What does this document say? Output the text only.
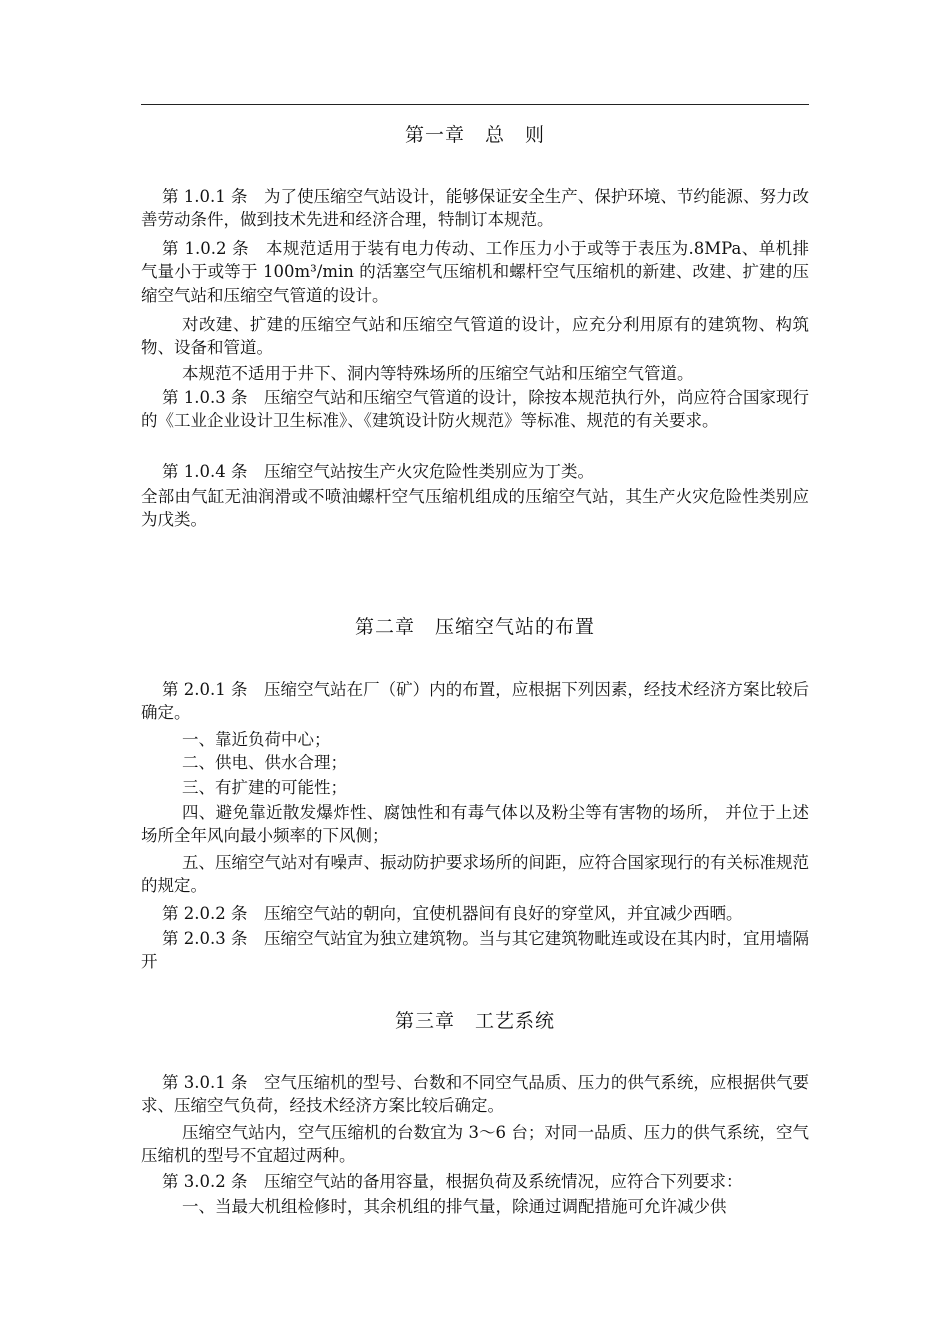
第一章　总　则

第 1.0.1 条　为了使压缩空气站设计，能够保证安全生产、保护环境、节约能源、努力改善劳动条件，做到技术先进和经济合理，特制订本规范。

第 1.0.2 条　本规范适用于装有电力传动、工作压力小于或等于表压为.8MPa、单机排气量小于或等于 100m³/min 的活塞空气压缩机和螺杆空气压缩机的新建、改建、扩建的压缩空气站和压缩空气管道的设计。

对改建、扩建的压缩空气站和压缩空气管道的设计，应充分利用原有的建筑物、构筑物、设备和管道。

本规范不适用于井下、洞内等特殊场所的压缩空气站和压缩空气管道。

第 1.0.3 条　压缩空气站和压缩空气管道的设计，除按本规范执行外，尚应符合国家现行的《工业企业设计卫生标准》、《建筑设计防火规范》等标准、规范的有关要求。

第 1.0.4 条　压缩空气站按生产火灾危险性类别应为丁类。

全部由气缸无油润滑或不喷油螺杆空气压缩机组成的压缩空气站，其生产火灾危险性类别应为戊类。

第二章　压缩空气站的布置

第 2.0.1 条　压缩空气站在厂（矿）内的布置，应根据下列因素，经技术经济方案比较后确定。

一、靠近负荷中心；

二、供电、供水合理；

三、有扩建的可能性；

四、避免靠近散发爆炸性、腐蚀性和有毒气体以及粉尘等有害物的场所， 并位于上述场所全年风向最小频率的下风侧；

五、压缩空气站对有噪声、振动防护要求场所的间距，应符合国家现行的有关标准规范的规定。

第 2.0.2 条　压缩空气站的朝向，宜使机器间有良好的穿堂风，并宜减少西晒。

第 2.0.3 条　压缩空气站宜为独立建筑物。当与其它建筑物毗连或设在其内时，宜用墙隔开

第三章　工艺系统

第 3.0.1 条　空气压缩机的型号、台数和不同空气品质、压力的供气系统，应根据供气要求、压缩空气负荷，经技术经济方案比较后确定。

压缩空气站内，空气压缩机的台数宜为 3～6 台；对同一品质、压力的供气系统，空气压缩机的型号不宜超过两种。

第 3.0.2 条　压缩空气站的备用容量，根据负荷及系统情况，应符合下列要求：

一、当最大机组检修时，其余机组的排气量，除通过调配措施可允许减少供
